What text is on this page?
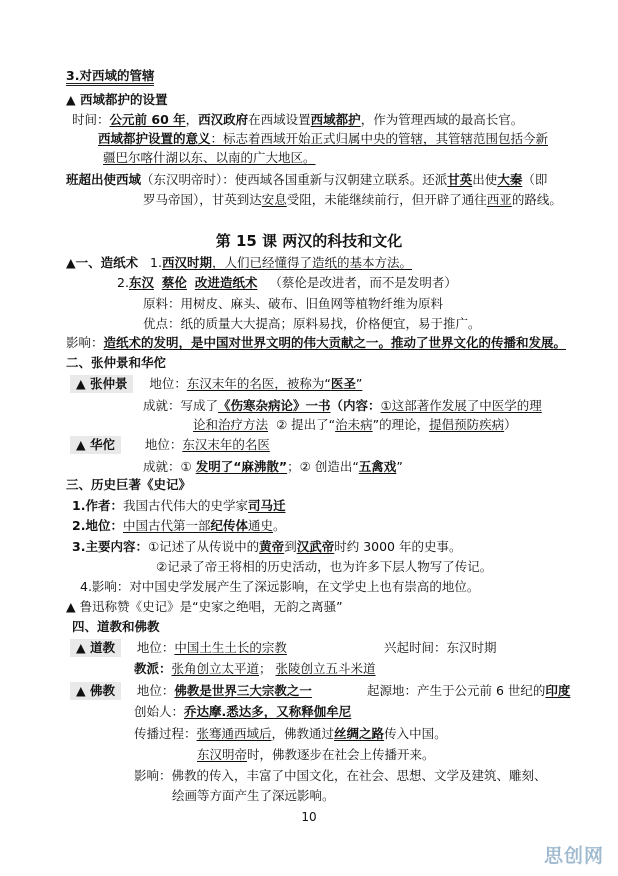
3.对西域的管辖
▲ 西域都护的设置
时间：公元前 60 年，西汉政府在西域设置西域都护，作为管理西域的最高长官。
西域都护设置的意义：标志着西域开始正式归属中央的管辖，其管辖范围包括今新
疆巴尔喀什湖以东、以南的广大地区。
班超出使西域（东汉明帝时）：使西域各国重新与汉朝建立联系。还派甘英出使大秦（即
罗马帝国），甘英到达安息受阻，未能继续前行，但开辟了通往西亚的路线。
第 15 课 两汉的科技和文化
▲一、造纸术 1.西汉时期，人们已经懂得了造纸的基本方法。
2.东汉 蔡伦 改进造纸术 （蔡伦是改进者，而不是发明者）
原料：用树皮、麻头、破布、旧鱼网等植物纤维为原料
优点：纸的质量大大提高；原料易找，价格便宜，易于推广。
影响：造纸术的发明，是中国对世界文明的伟大贡献之一。推动了世界文化的传播和发展。
二、张仲景和华佗
▲ 张仲景 地位：东汉末年的名医，被称为“医圣”
成就：写成了《伤寒杂病论》一书（内容：①这部著作发展了中医学的理
论和治疗方法 ② 提出了“治未病”的理论，提倡预防疾病）
▲ 华佗 地位：东汉末年的名医
成就：① 发明了“麻沸散”；② 创造出“五禽戏”
三、历史巨著《史记》
1.作者：我国古代伟大的史学家司马迁
2.地位：中国古代第一部纪传体通史。
3.主要内容：①记述了从传说中的黄帝到汉武帝时约 3000 年的史事。
②记录了帝王将相的历史活动，也为许多下层人物写了传记。
4.影响：对中国史学发展产生了深远影响，在文学史上也有崇高的地位。
▲ 鲁迅称赞《史记》是“史家之绝唱，无韵之离骚”
四、道教和佛教
▲ 道教 地位：中国土生土长的宗教	兴起时间：东汉时期
教派：张角创立太平道； 张陵创立五斗米道
▲ 佛教 地位：佛教是世界三大宗教之一	起源地：产生于公元前 6 世纪的印度
创始人：乔达摩.悉达多，又称释伽牟尼
传播过程：张骞通西域后，佛教通过丝绸之路传入中国。
东汉明帝时，佛教逐步在社会上传播开来。
影响：佛教的传入，丰富了中国文化，在社会、思想、文学及建筑、雕刻、
绘画等方面产生了深远影响。
10
思创网
